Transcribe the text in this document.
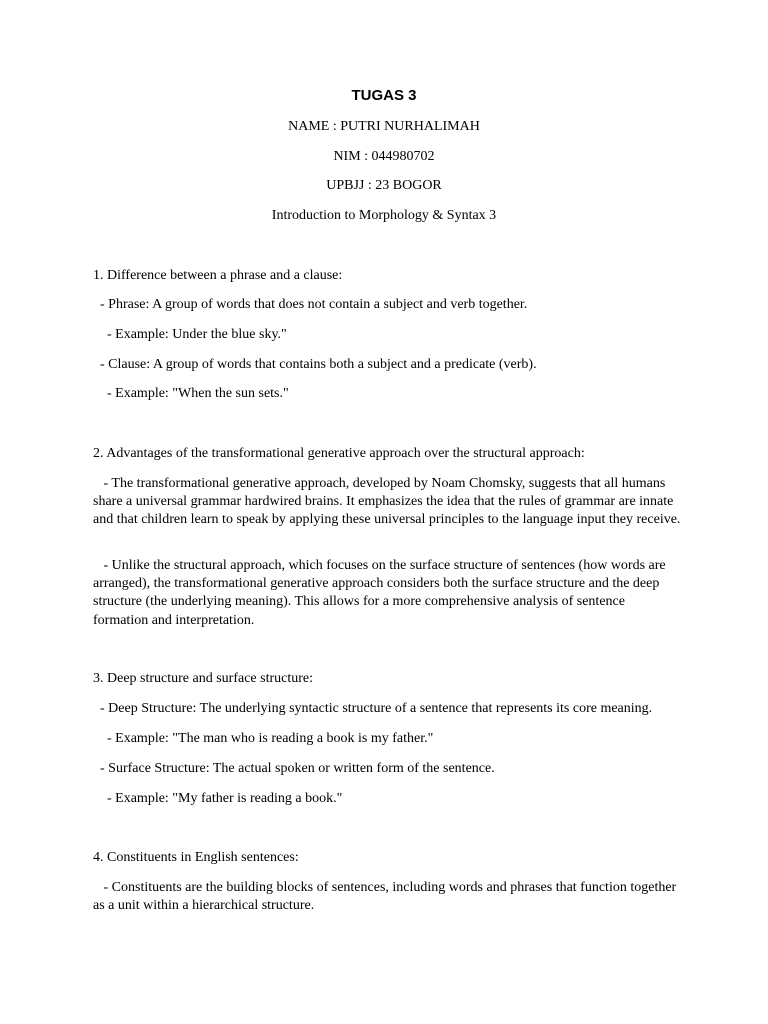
TUGAS 3
NAME : PUTRI NURHALIMAH
NIM : 044980702
UPBJJ : 23 BOGOR
Introduction to Morphology & Syntax 3
1. Difference between a phrase and a clause:
- Phrase: A group of words that does not contain a subject and verb together.
- Example: Under the blue sky."
- Clause: A group of words that contains both a subject and a predicate (verb).
- Example: "When the sun sets."
2. Advantages of the transformational generative approach over the structural approach:
- The transformational generative approach, developed by Noam Chomsky, suggests that all humans share a universal grammar hardwired brains. It emphasizes the idea that the rules of grammar are innate and that children learn to speak by applying these universal principles to the language input they receive.
- Unlike the structural approach, which focuses on the surface structure of sentences (how words are arranged), the transformational generative approach considers both the surface structure and the deep structure (the underlying meaning). This allows for a more comprehensive analysis of sentence formation and interpretation.
3. Deep structure and surface structure:
- Deep Structure: The underlying syntactic structure of a sentence that represents its core meaning.
- Example: "The man who is reading a book is my father."
- Surface Structure: The actual spoken or written form of the sentence.
- Example: "My father is reading a book."
4. Constituents in English sentences:
- Constituents are the building blocks of sentences, including words and phrases that function together as a unit within a hierarchical structure.
